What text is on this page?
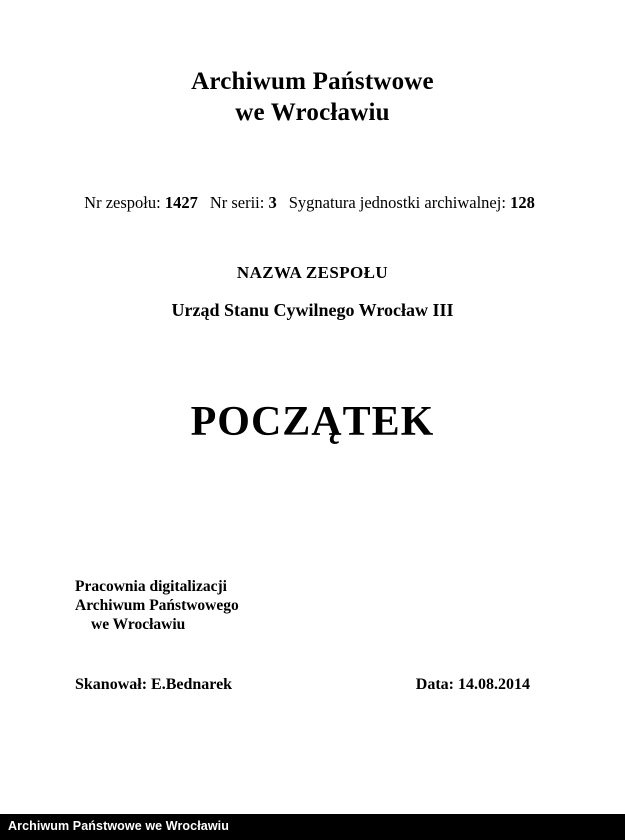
Archiwum Państwowe
we Wrocławiu
Nr zespołu: 1427 Nr serii: 3 Sygnatura jednostki archiwalnej: 128
NAZWA ZESPOŁU
Urząd Stanu Cywilnego Wrocław III
POCZĄTEK
Pracownia digitalizacji
Archiwum Państwowego

we Wrocławiu
Skanował: E.Bednarek	Data: 14.08.2014
Archiwum Państwowe we Wrocławiu
